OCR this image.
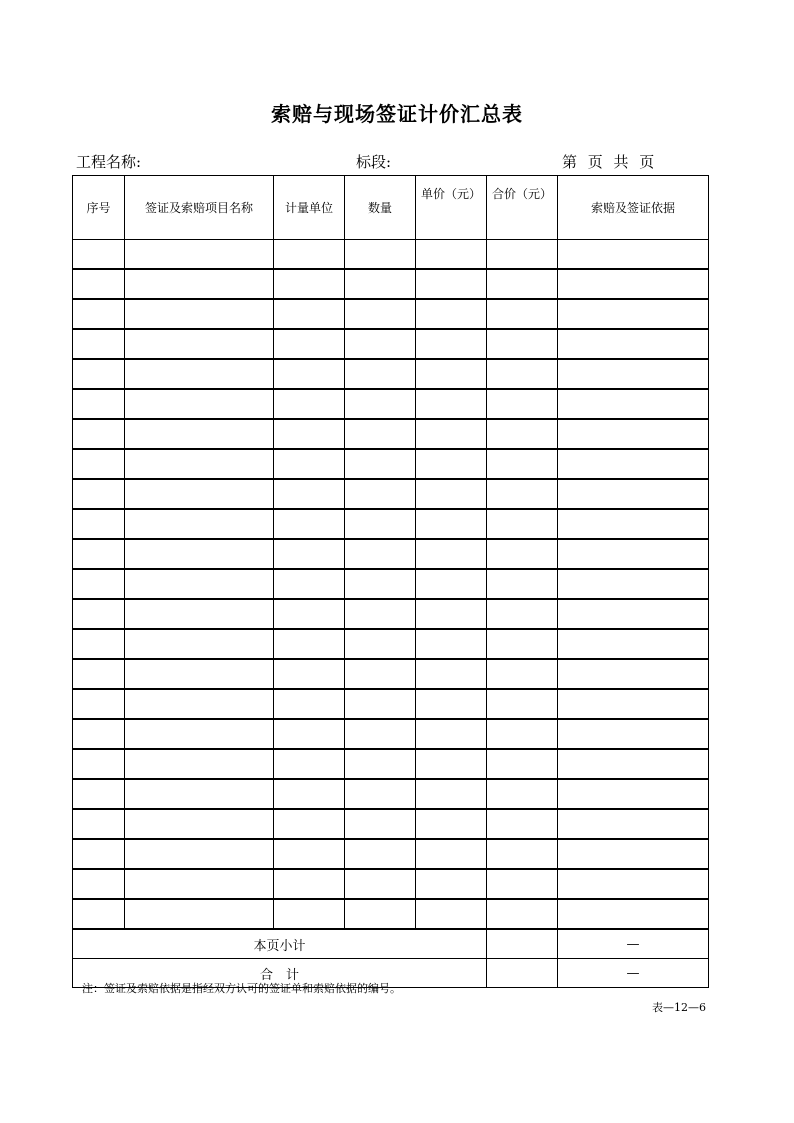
索赔与现场签证计价汇总表
工程名称:	标段:	第 页 共 页
序号	签证及索赔项目名称	计量单位	数量	单价（元）	合价（元）	索赔及签证依据

本页小计						—
合　计						—
注：签证及索赔依据是指经双方认可的签证单和索赔依据的编号。
表—12—6
